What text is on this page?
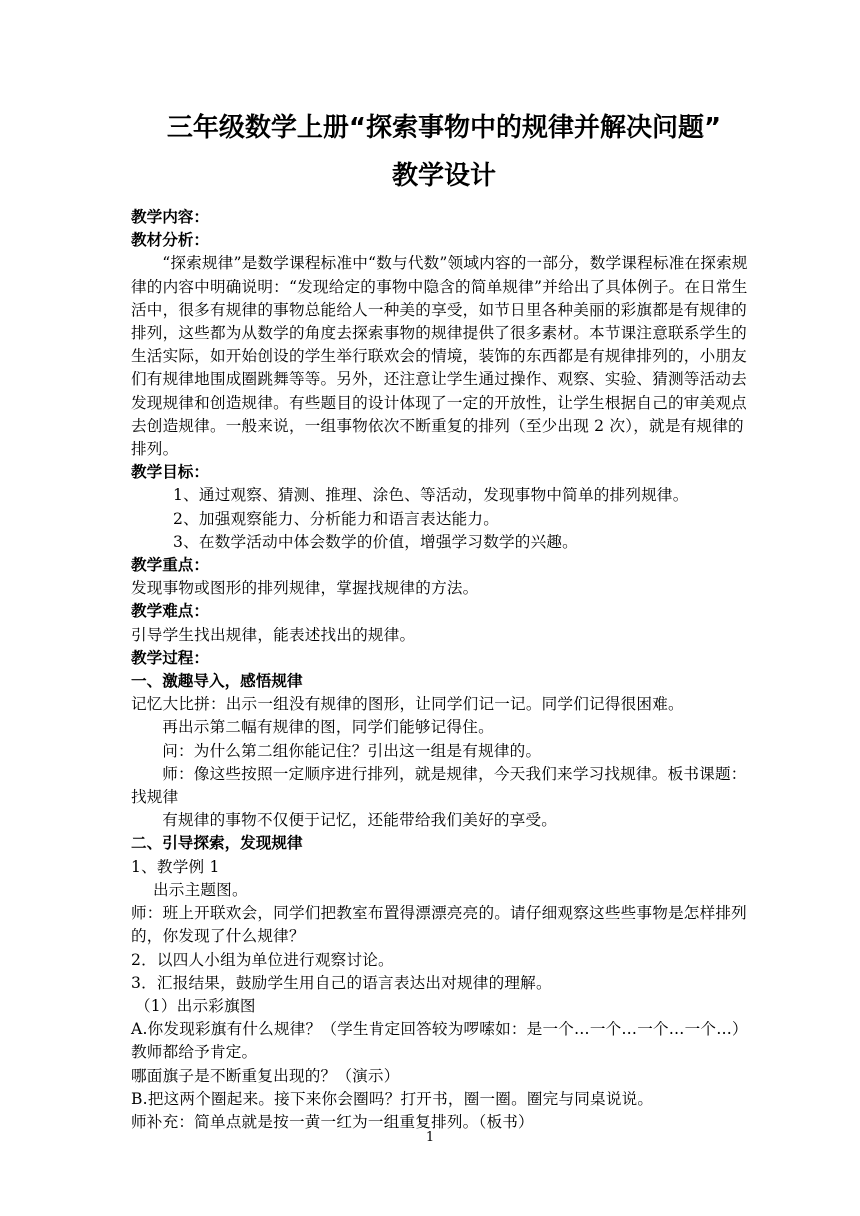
三年级数学上册“探索事物中的规律并解决问题”
教学设计

教学内容：

教材分析：

“探索规律”是数学课程标准中“数与代数”领域内容的一部分，数学课程标准在探索规律的内容中明确说明：“发现给定的事物中隐含的简单规律”并给出了具体例子。在日常生活中，很多有规律的事物总能给人一种美的享受，如节日里各种美丽的彩旗都是有规律的排列，这些都为从数学的角度去探索事物的规律提供了很多素材。本节课注意联系学生的生活实际，如开始创设的学生举行联欢会的情境，装饰的东西都是有规律排列的，小朋友们有规律地围成圈跳舞等等。另外，还注意让学生通过操作、观察、实验、猜测等活动去发现规律和创造规律。有些题目的设计体现了一定的开放性，让学生根据自己的审美观点去创造规律。一般来说，一组事物依次不断重复的排列（至少出现 2 次），就是有规律的排列。

教学目标：

1、通过观察、猜测、推理、涂色、等活动，发现事物中简单的排列规律。

2、加强观察能力、分析能力和语言表达能力。

3、在数学活动中体会数学的价值，增强学习数学的兴趣。

教学重点：

发现事物或图形的排列规律，掌握找规律的方法。

教学难点：

引导学生找出规律，能表述找出的规律。

教学过程：

一、激趣导入，感悟规律

记忆大比拼：出示一组没有规律的图形，让同学们记一记。同学们记得很困难。

再出示第二幅有规律的图，同学们能够记得住。

问：为什么第二组你能记住？引出这一组是有规律的。

师：像这些按照一定顺序进行排列，就是规律，今天我们来学习找规律。板书课题：找规律

有规律的事物不仅便于记忆，还能带给我们美好的享受。

二、引导探索，发现规律

1、教学例 1

出示主题图。

师：班上开联欢会，同学们把教室布置得漂漂亮亮的。请仔细观察这些些事物是怎样排列的，你发现了什么规律？

2．以四人小组为单位进行观察讨论。

3．汇报结果，鼓励学生用自己的语言表达出对规律的理解。

（1）出示彩旗图

A.你发现彩旗有什么规律？（学生肯定回答较为啰嗦如：是一个…一个…一个…一个…）教师都给予肯定。

哪面旗子是不断重复出现的？（演示）

B.把这两个圈起来。接下来你会圈吗？打开书，圈一圈。圈完与同桌说说。

师补充：简单点就是按一黄一红为一组重复排列。（板书）

1
